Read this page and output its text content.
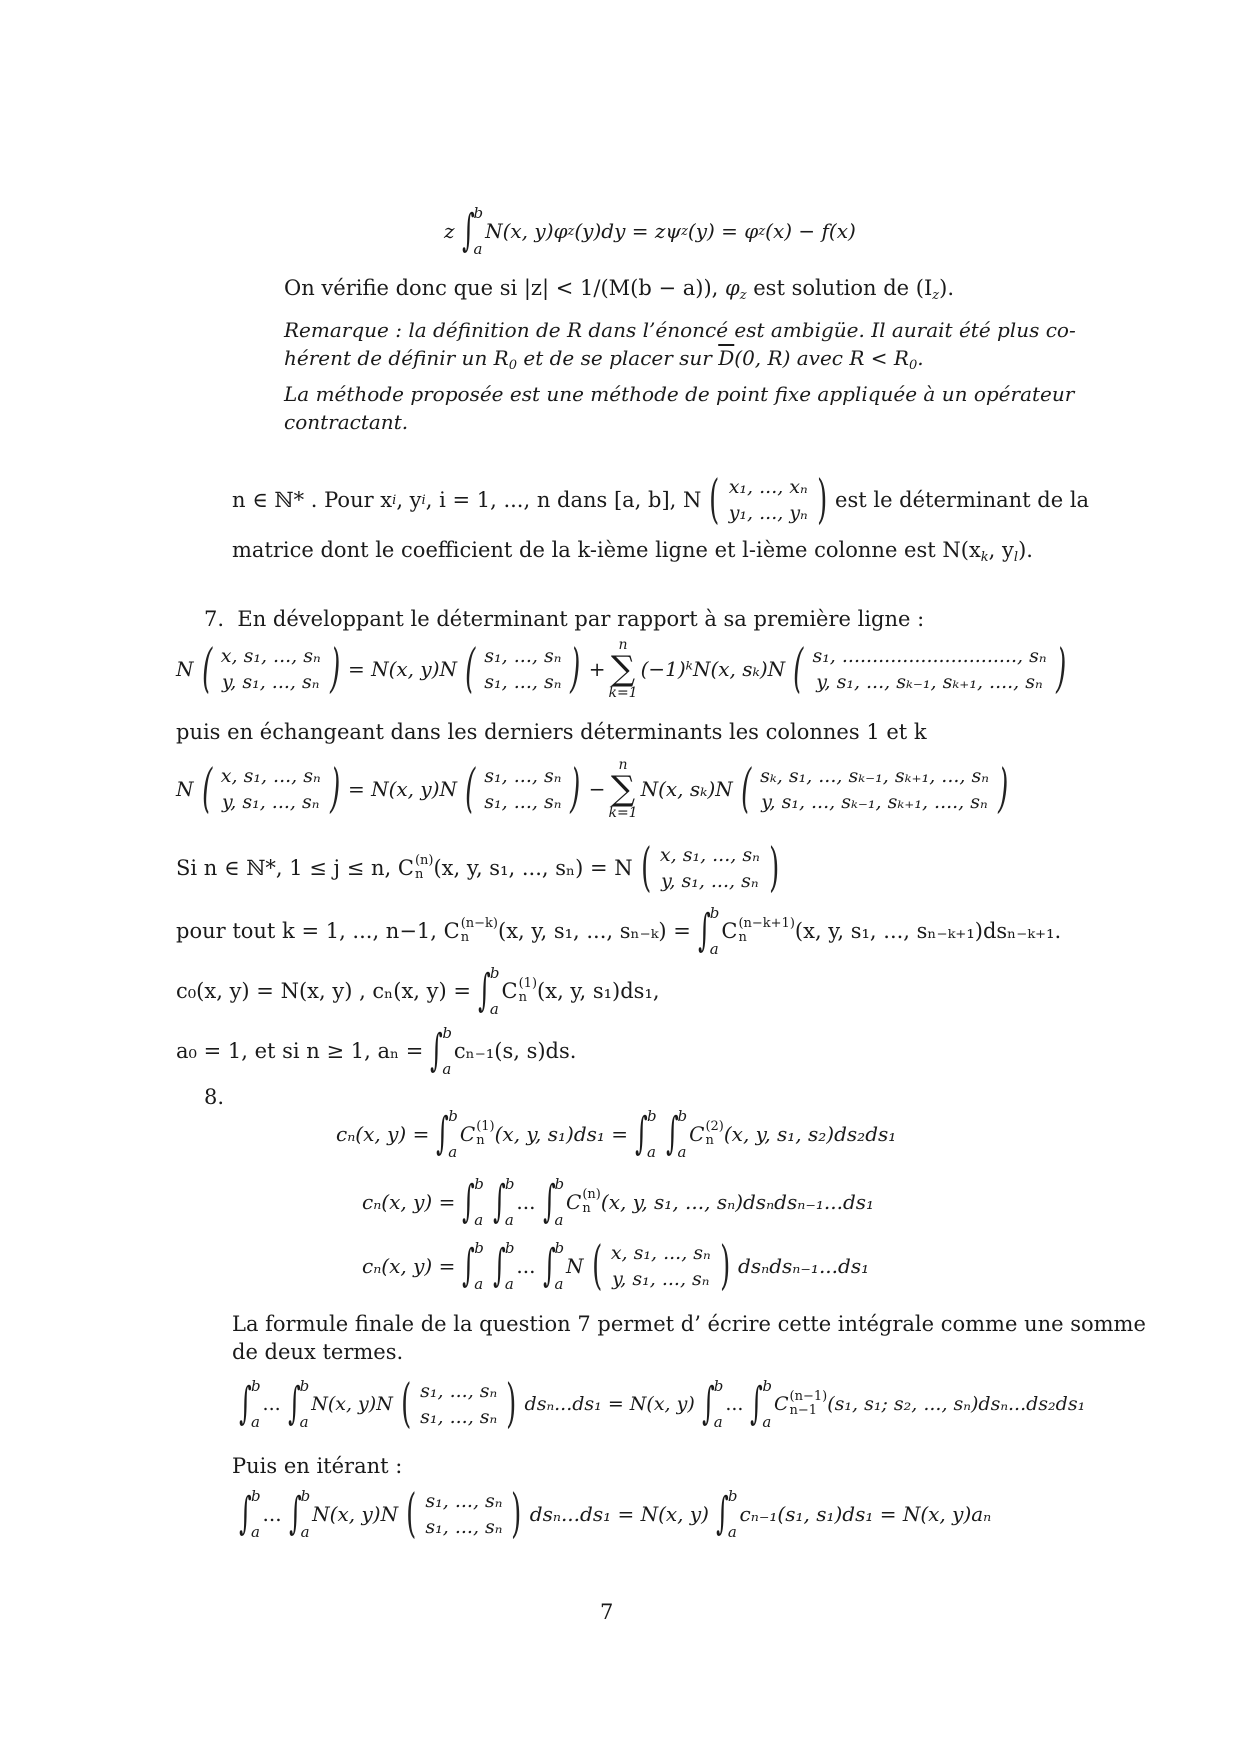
z ∫ b
a
N(x, y)φ z (y)dy = zψ z (y) = φ z (x) − f(x)
On vérifie donc que si |z| < 1/(M(b − a)), $\varphi_z$ est solution de $(I_z)$.
Remarque : la définition de R dans l’énoncé est ambigüe. Il aurait été plus co-
hérent de définir un $R_0$ et de se placer sur $\overline{D}(0$, R) avec $R < R_0$.
La méthode proposée est une méthode de point fixe appliquée à un opérateur
contractant.
n ∈ ℕ* . Pour x i , y i , i = 1, ..., n dans [a, b], N ( x₁, ..., xₙ
y₁, ..., yₙ ) est le déterminant de la
matrice dont le coefficient de la k-ième ligne et l-ième colonne est $N(x_k$, $y_l$).
7. En développant le déterminant par rapport à sa première ligne :
N ( x, s₁, ..., sₙ
y, s₁, ..., sₙ ) = N(x, y)N ( s₁, ..., sₙ
s₁, ..., sₙ ) +
n
∑
k=1
(−1)ᵏN(x, sₖ)N ( s₁, ............................., sₙ
y, s₁, ..., sₖ₋₁, sₖ₊₁, ...., sₙ )
puis en échangeant dans les derniers déterminants les colonnes 1 et k
N ( x, s₁, ..., sₙ
y, s₁, ..., sₙ ) = N(x, y)N ( s₁, ..., sₙ
s₁, ..., sₙ ) −
n
∑
k=1
N(x, sₖ)N ( sₖ, s₁, ..., sₖ₋₁, sₖ₊₁, ..., sₙ
y, s₁, ..., sₖ₋₁, sₖ₊₁, ...., sₙ )
Si n ∈ ℕ*, 1 ≤ j ≤ n, C (n)
n (x, y, s₁, ..., sₙ) = N ( x, s₁, ..., sₙ
y, s₁, ..., sₙ )
pour tout k = 1, ..., n−1, C (n−k)
n	(x, y, s₁, ..., sₙ₋ₖ) = ∫ b
a
C (n−k+1)
n	(x, y, s₁, ..., sₙ₋ₖ₊₁)dsₙ₋ₖ₊₁.
c₀(x, y) = N(x, y) , cₙ(x, y) = ∫ b
a
C (1)
n (x, y, s₁)ds₁,
a₀ = 1, et si n ≥ 1, aₙ = ∫ b
a
cₙ₋₁(s, s)ds.
8.
cₙ(x, y) = ∫ b
a
C (1)
n (x, y, s₁)ds₁ = ∫ b
a ∫ b
a
C (2)
n (x, y, s₁, s₂)ds₂ds₁
cₙ(x, y) = ∫ b
a ∫ b
a
... ∫ b
a
C (n)
n (x, y, s₁, ..., sₙ)dsₙdsₙ₋₁...ds₁
cₙ(x, y) = ∫ b
a ∫ b
a
... ∫ b
a
N ( x, s₁, ..., sₙ
y, s₁, ..., sₙ ) dsₙdsₙ₋₁...ds₁
La formule finale de la question 7 permet d’ écrire cette intégrale comme une somme
de deux termes.
∫ b
a
... ∫ b
a
N(x, y)N ( s₁, ..., sₙ
s₁, ..., sₙ ) dsₙ...ds₁ = N(x, y) ∫ b
a
... ∫ b
a
C (n−1)
n−1 (s₁, s₁; s₂, ..., sₙ)dsₙ...ds₂ds₁
Puis en itérant :
∫ b
a
... ∫ b
a
N(x, y)N ( s₁, ..., sₙ
s₁, ..., sₙ ) dsₙ...ds₁ = N(x, y) ∫ b
a
cₙ₋₁(s₁, s₁)ds₁ = N(x, y)aₙ
7
